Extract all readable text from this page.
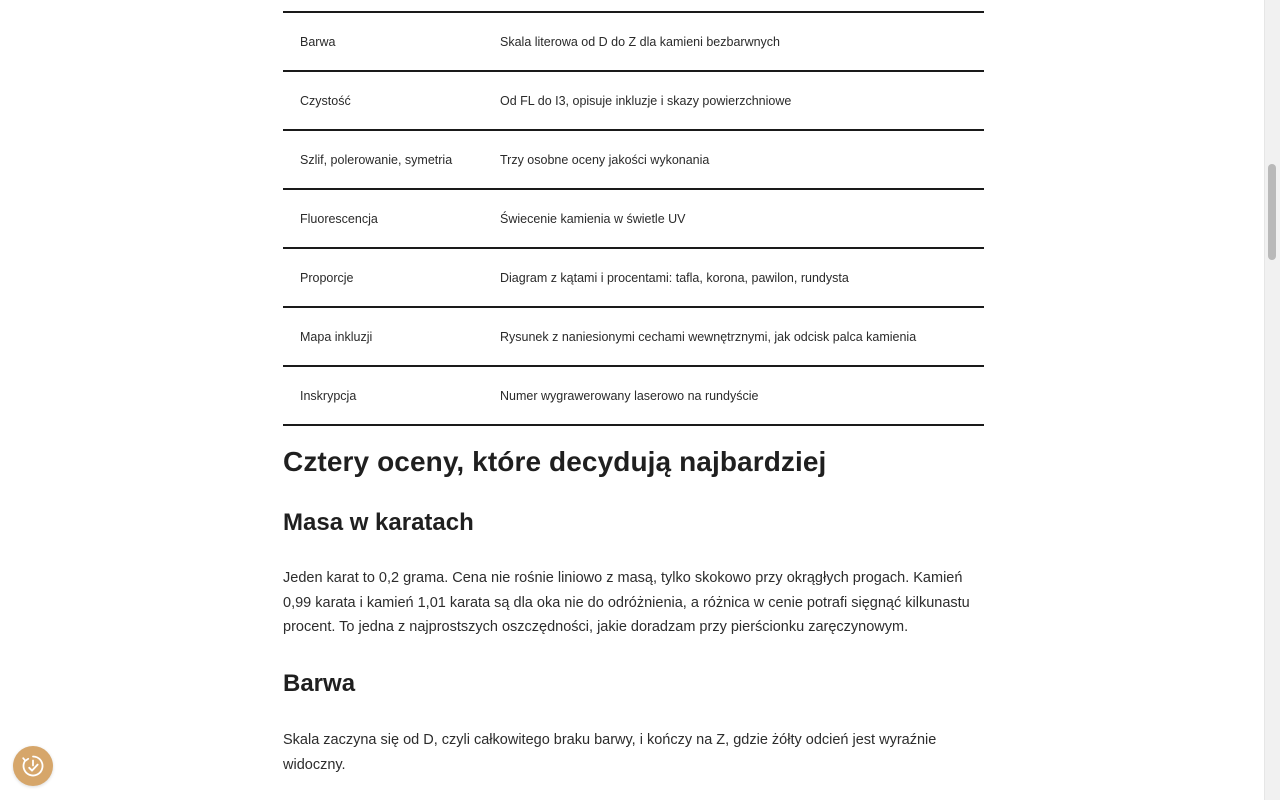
Barwa	Skala literowa od D do Z dla kamieni bezbarwnych
Czystość	Od FL do I3, opisuje inkluzje i skazy powierzchniowe
Szlif, polerowanie, symetria	Trzy osobne oceny jakości wykonania
Fluorescencja	Świecenie kamienia w świetle UV
Proporcje	Diagram z kątami i procentami: tafla, korona, pawilon, rundysta
Mapa inkluzji	Rysunek z naniesionymi cechami wewnętrznymi, jak odcisk palca kamienia
Inskrypcja	Numer wygrawerowany laserowo na rundyście
Cztery oceny, które decydują najbardziej
Masa w karatach

Jeden karat to 0,2 grama. Cena nie rośnie liniowo z masą, tylko skokowo przy okrągłych progach. Kamień 0,99 karata i kamień 1,01 karata są dla oka nie do odróżnienia, a różnica w cenie potrafi sięgnąć kilkunastu procent. To jedna z najprostszych oszczędności, jakie doradzam przy pierścionku zaręczynowym.

Barwa

Skala zaczyna się od D, czyli całkowitego braku barwy, i kończy na Z, gdzie żółty odcień jest wyraźnie widoczny.
